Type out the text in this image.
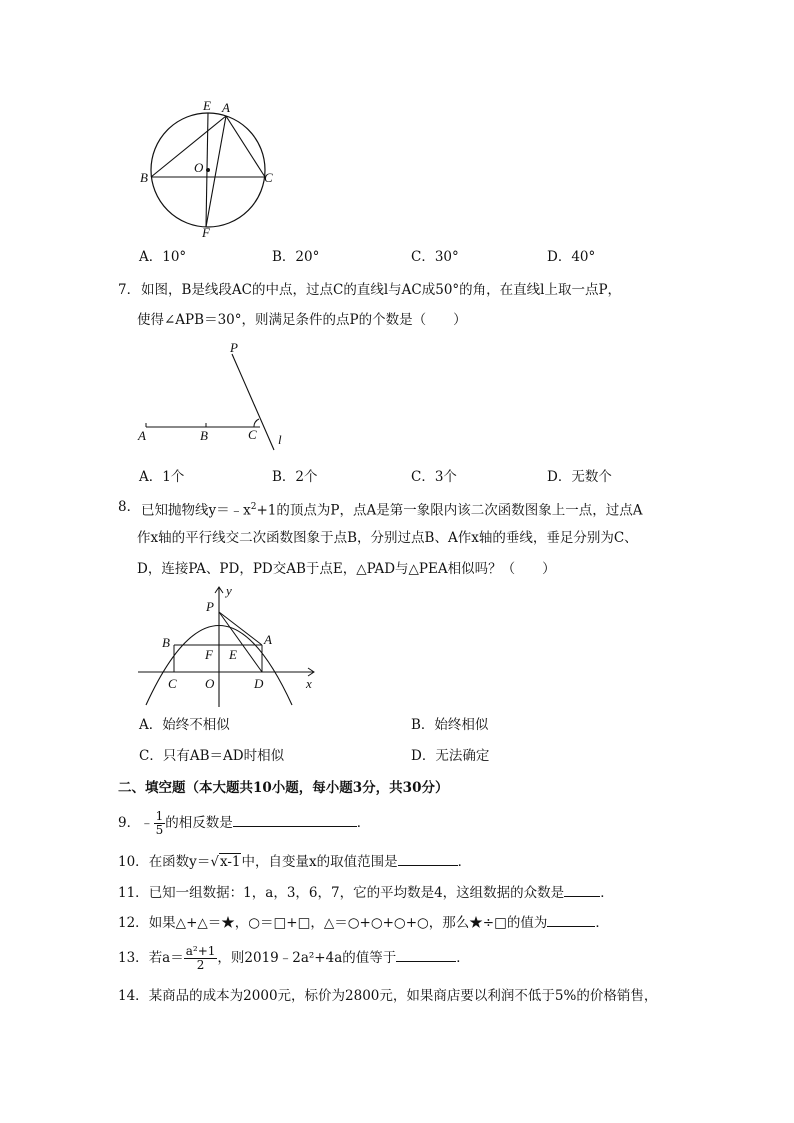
E A
O
B	C
F
A．10°	B．20°	C．30°	D．40°
7． 如图，B是线段AC的中点，过点C的直线l与AC成50°的角，在直线l上取一点P，
使得∠APB＝30°，则满足条件的点P的个数是（　　）
P
A	B	C l
A．1个	B．2个	C．3个	D．无数个
8． 已知抛物线$y=﹣x^2+1$的顶点为P，点A是第一象限内该二次函数图象上一点，过点A
作x轴的平行线交二次函数图象于点B，分别过点B、A作x轴的垂线，垂足分别为C、
D，连接PA、PD，PD交AB于点E，△PAD与△PEA相似吗？（　　）
y
P
B	A
F E
C O	D	x
A．始终不相似	B．始终相似
C．只有AB＝AD时相似	D．无法确定
二、填空题（本大题共10小题，每小题3分，共30分）
9．﹣ $\frac{1}{5}$ 的相反数是	．
10．在函数y＝√x-1中，自变量x的取值范围是	．
11．已知一组数据：1，a，3，6，7，它的平均数是4，这组数据的众数是	．
12．如果△+△＝★，○＝□+□，△＝○+○+○+○，那么★÷□的值为	．
13．若$a= \frac{\text{a²+1}}{2}$ ，则2019﹣2a²+4a的值等于	．
14．某商品的成本为2000元，标价为2800元，如果商店要以利润不低于5%的价格销售，
